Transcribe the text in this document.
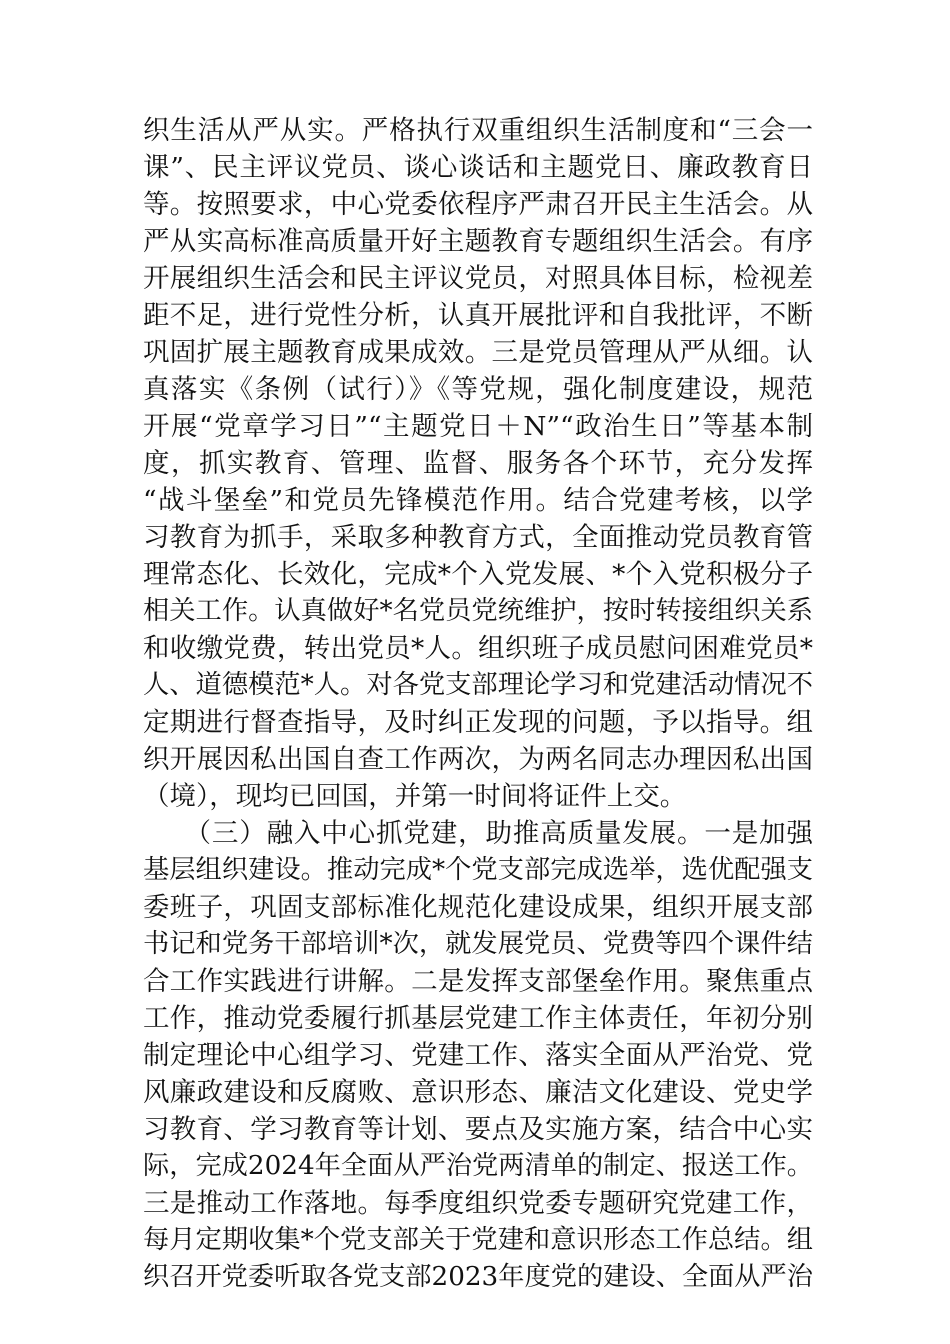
织生活从严从实。严格执行双重组织生活制度和“三会一
课”、民主评议党员、谈心谈话和主题党日、廉政教育日
等。按照要求，中心党委依程序严肃召开民主生活会。从
严从实高标准高质量开好主题教育专题组织生活会。有序
开展组织生活会和民主评议党员，对照具体目标，检视差
距不足，进行党性分析，认真开展批评和自我批评，不断
巩固扩展主题教育成果成效。三是党员管理从严从细。认
真落实《条例（试行）》《等党规，强化制度建设，规范
开展“党章学习日”“主题党日＋N”“政治生日”等基本制
度，抓实教育、管理、监督、服务各个环节，充分发挥
“战斗堡垒”和党员先锋模范作用。结合党建考核，以学
习教育为抓手，采取多种教育方式，全面推动党员教育管
理常态化、长效化，完成*个入党发展、*个入党积极分子
相关工作。认真做好*名党员党统维护，按时转接组织关系
和收缴党费，转出党员*人。组织班子成员慰问困难党员*
人、道德模范*人。对各党支部理论学习和党建活动情况不
定期进行督查指导，及时纠正发现的问题，予以指导。组
织开展因私出国自查工作两次，为两名同志办理因私出国
（境），现均已回国，并第一时间将证件上交。
　　（三）融入中心抓党建，助推高质量发展。一是加强
基层组织建设。推动完成*个党支部完成选举，选优配强支
委班子，巩固支部标准化规范化建设成果，组织开展支部
书记和党务干部培训*次，就发展党员、党费等四个课件结
合工作实践进行讲解。二是发挥支部堡垒作用。聚焦重点
工作，推动党委履行抓基层党建工作主体责任，年初分别
制定理论中心组学习、党建工作、落实全面从严治党、党
风廉政建设和反腐败、意识形态、廉洁文化建设、党史学
习教育、学习教育等计划、要点及实施方案，结合中心实
际，完成2024年全面从严治党两清单的制定、报送工作。
三是推动工作落地。每季度组织党委专题研究党建工作，
每月定期收集*个党支部关于党建和意识形态工作总结。组
织召开党委听取各党支部2023年度党的建设、全面从严治
